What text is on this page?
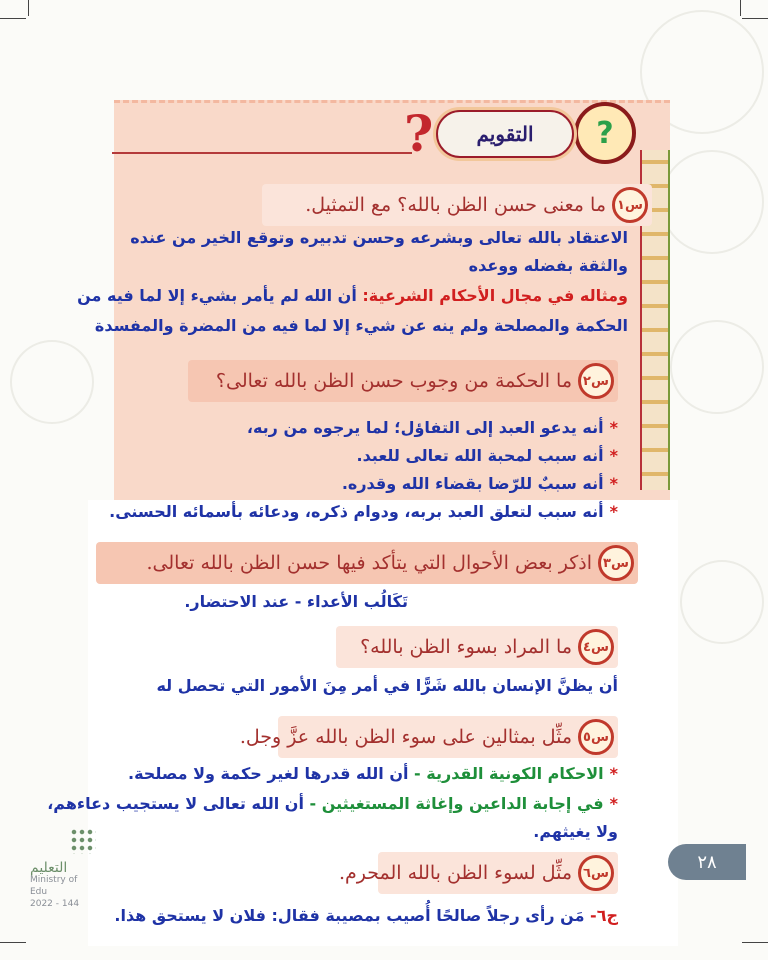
?
التقويم
?
س١
ما معنى حسن الظن بالله؟ مع التمثيل.
الاعتقاد بالله تعالى وبشرعه وحسن تدبيره وتوقع الخير من عنده
والثقة بفضله ووعده
ومثاله في مجال الأحكام الشرعية: أن الله لم يأمر بشيء إلا لما فيه من
الحكمة والمصلحة ولم ينه عن شيء إلا لما فيه من المضرة والمفسدة
س٢
ما الحكمة من وجوب حسن الظن بالله تعالى؟
*أنه يدعو العبد إلى التفاؤل؛ لما يرجوه من ربه،
*أنه سبب لمحبة الله تعالى للعبد.
*أنه سببٌ للرّضا بقضاء الله وقدره.
*أنه سبب لتعلق العبد بربه، ودوام ذكره، ودعائه بأسمائه الحسنى.
س٣
اذكر بعض الأحوال التي يتأكد فيها حسن الظن بالله تعالى.
تَكَالُب الأعداء - عند الاحتضار.
س٤
ما المراد بسوء الظن بالله؟
أن يظنَّ الإنسان بالله شَرًّا في أمر مِنَ الأمور التي تحصل له
س٥
مثِّل بمثالين على سوء الظن بالله عزَّ وجل.
*الاحكام الكونية القدرية - أن الله قدرها لغير حكمة ولا مصلحة.
*في إجابة الداعين وإغاثة المستغيثين - أن الله تعالى لا يستجيب دعاءهم،
ولا يغيثهم.
س٦
مثِّل لسوء الظن بالله المحرم.
ج٦- مَن رأى رجلاً صالحًا أُصيب بمصيبة فقال: فلان لا يستحق هذا.
٢٨
التعليم
Ministry of Edu
2022 - 144
